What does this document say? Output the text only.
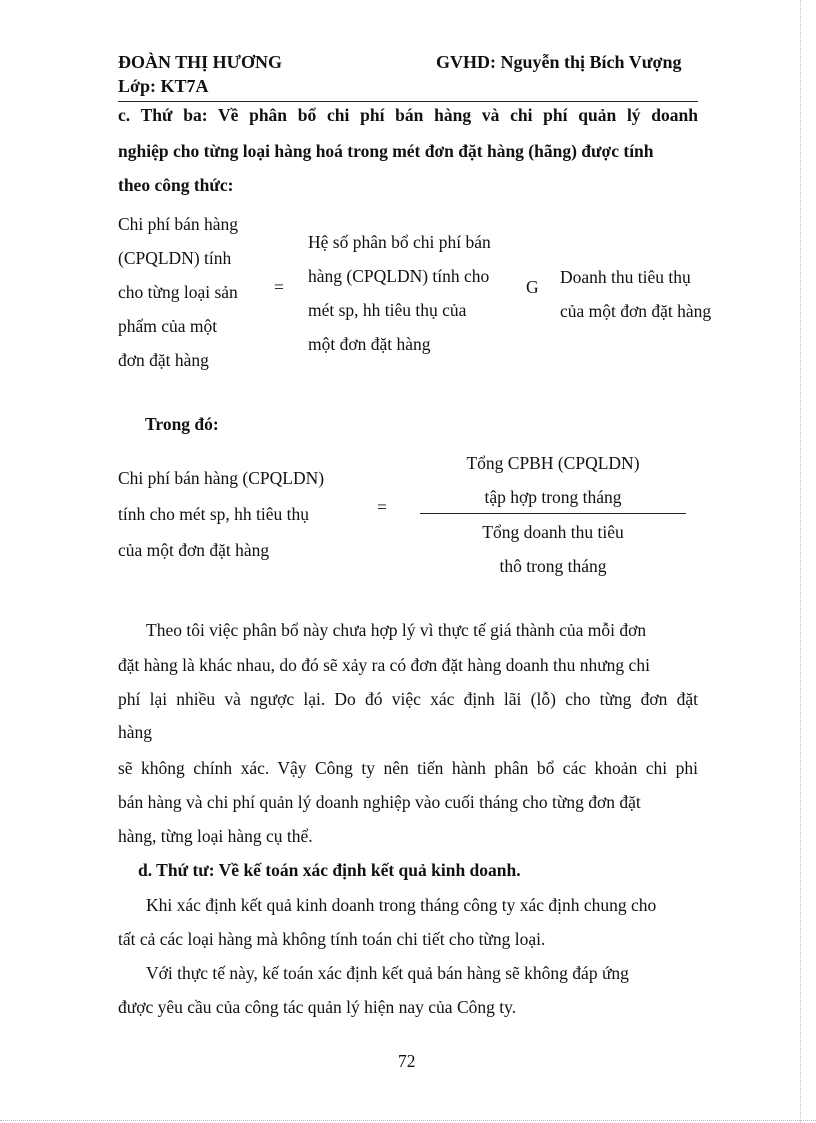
ĐOÀN THỊ HƯƠNG
Lớp: KT7A
GVHD: Nguyễn thị Bích Vượng
c. Thứ ba: Về phân bổ chi phí bán hàng và chi phí quản lý doanh
nghiệp cho từng loại hàng hoá trong mét đơn đặt hàng (hãng) được tính
theo công thức:
Chi phí bán hàng
(CPQLDN) tính
cho từng loại sản
phẩm của một
đơn đặt hàng
=
Hệ số phân bổ chi phí bán
hàng (CPQLDN) tính cho
mét sp, hh tiêu thụ của
một đơn đặt hàng
G Doanh thu tiêu thụ
của một đơn đặt hàng
Trong đó:
Chi phí bán hàng (CPQLDN)
tính cho mét sp, hh tiêu thụ
của một đơn đặt hàng
=
Tổng CPBH (CPQLDN)
tập hợp trong tháng
Tổng doanh thu tiêu
thô trong tháng
Theo tôi việc phân bổ này chưa hợp lý vì thực tế giá thành của mỗi đơn
đặt hàng là khác nhau, do đó sẽ xảy ra có đơn đặt hàng doanh thu nhưng chi
phí lại nhiều và ngược lại. Do đó việc xác định lãi (lỗ) cho từng đơn đặt
hàng
sẽ không chính xác. Vậy Công ty nên tiến hành phân bổ các khoản chi phi
bán hàng và chi phí quản lý doanh nghiệp vào cuối tháng cho từng đơn đặt
hàng, từng loại hàng cụ thể.
d. Thứ tư: Về kế toán xác định kết quả kinh doanh.
Khi xác định kết quả kinh doanh trong tháng công ty xác định chung cho
tất cả các loại hàng mà không tính toán chi tiết cho từng loại.
Với thực tế này, kế toán xác định kết quả bán hàng sẽ không đáp ứng
được yêu cầu của công tác quản lý hiện nay của Công ty.
72
